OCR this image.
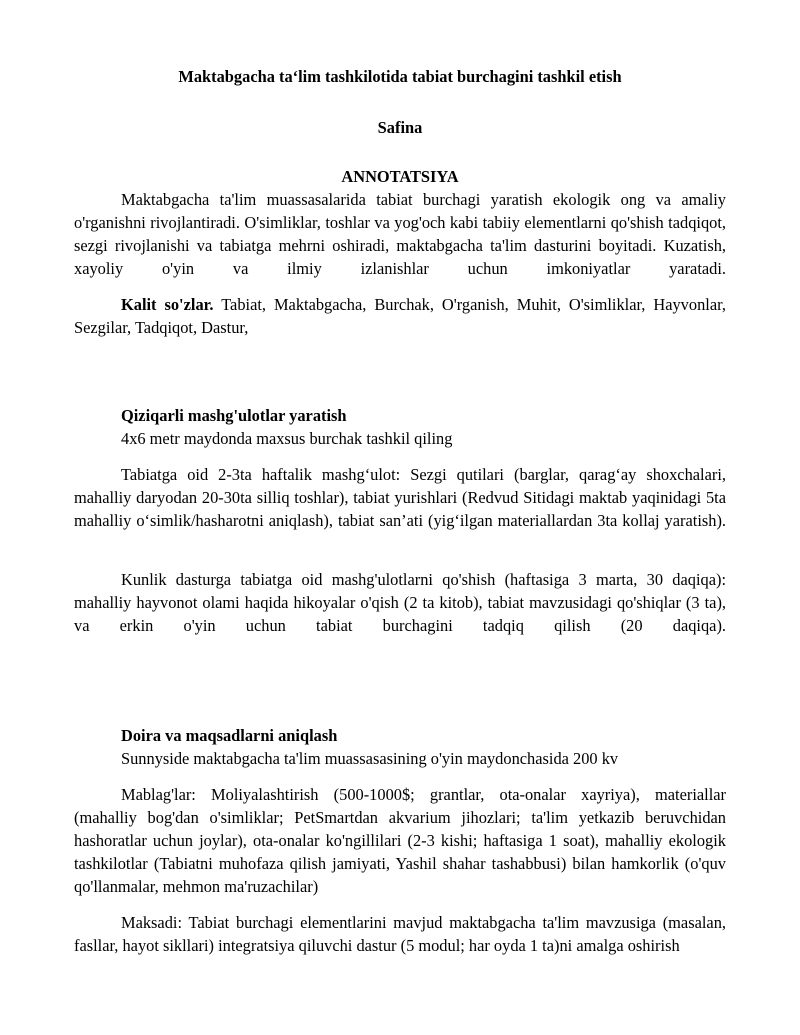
Maktabgacha ta‘lim tashkilotida tabiat burchagini tashkil etish

Safina

ANNOTATSIYA

Maktabgacha ta'lim muassasalarida tabiat burchagi yaratish ekologik ong va amaliy o'rganishni rivojlantiradi. O'simliklar, toshlar va yog'och kabi tabiiy elementlarni qo'shish tadqiqot, sezgi rivojlanishi va tabiatga mehrni oshiradi, maktabgacha ta'lim dasturini boyitadi. Kuzatish, xayoliy o'yin va ilmiy izlanishlar uchun imkoniyatlar yaratadi.

Kalit so'zlar. Tabiat, Maktabgacha, Burchak, O'rganish, Muhit, O'simliklar, Hayvonlar, Sezgilar, Tadqiqot, Dastur,

Qiziqarli mashg'ulotlar yaratish

4x6 metr maydonda maxsus burchak tashkil qiling

Tabiatga oid 2-3ta haftalik mashg‘ulot: Sezgi qutilari (barglar, qarag‘ay shoxchalari, mahalliy daryodan 20-30ta silliq toshlar), tabiat yurishlari (Redvud Sitidagi maktab yaqinidagi 5ta mahalliy o‘simlik/hasharotni aniqlash), tabiat san’ati (yig‘ilgan materiallardan 3ta kollaj yaratish).

Kunlik dasturga tabiatga oid mashg'ulotlarni qo'shish (haftasiga 3 marta, 30 daqiqa): mahalliy hayvonot olami haqida hikoyalar o'qish (2 ta kitob), tabiat mavzusidagi qo'shiqlar (3 ta), va erkin o'yin uchun tabiat burchagini tadqiq qilish (20 daqiqa).

Doira va maqsadlarni aniqlash

Sunnyside maktabgacha ta'lim muassasasining o'yin maydonchasida 200 kv

Mablag'lar: Moliyalashtirish (500-1000$; grantlar, ota-onalar xayriya), materiallar (mahalliy bog'dan o'simliklar; PetSmartdan akvarium jihozlari; ta'lim yetkazib beruvchidan hashoratlar uchun joylar), ota-onalar ko'ngillilari (2-3 kishi; haftasiga 1 soat), mahalliy ekologik tashkilotlar (Tabiatni muhofaza qilish jamiyati, Yashil shahar tashabbusi) bilan hamkorlik (o'quv qo'llanmalar, mehmon ma'ruzachilar)

Maksadi: Tabiat burchagi elementlarini mavjud maktabgacha ta'lim mavzusiga (masalan, fasllar, hayot sikllari) integratsiya qiluvchi dastur (5 modul; har oyda 1 ta)ni amalga oshirish
